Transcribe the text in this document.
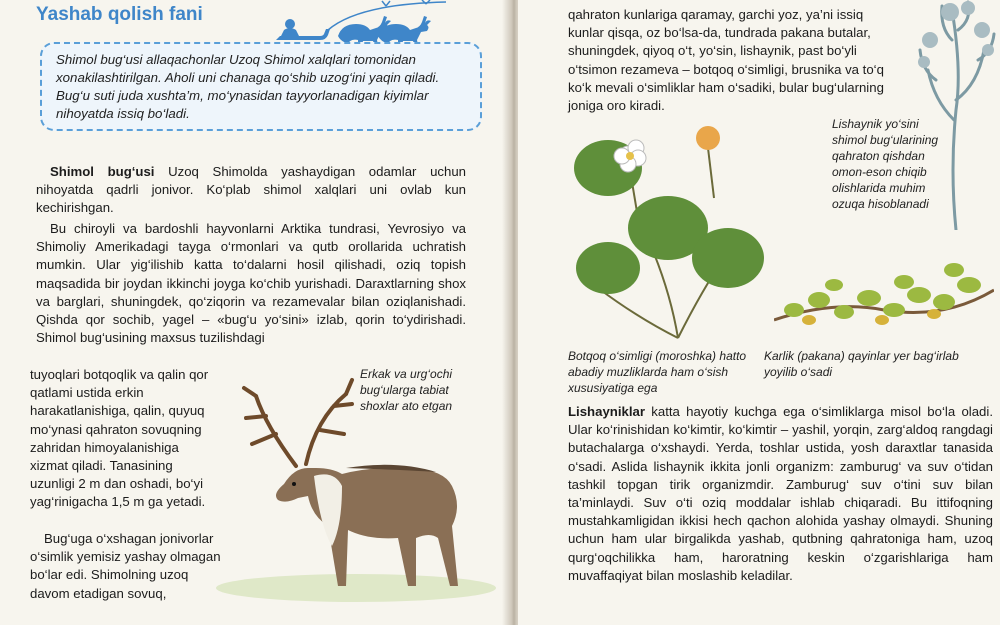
Yashab qolish fani
Shimol bug‘usi allaqachonlar Uzoq Shimol xalqlari tomonidan xonakilashtirilgan. Aholi uni chanaga qo‘shib uzog‘ini yaqin qiladi. Bug‘u suti juda xushta’m, mo‘ynasidan tayyorlanadigan kiyimlar nihoyatda issiq bo‘ladi.

Shimol bug‘usi Uzoq Shimolda yashaydigan odamlar uchun nihoyatda qadrli jonivor. Ko‘plab shimol xalqlari uni ovlab kun kechirishgan.

Bu chiroyli va bardoshli hayvonlarni Arktika tundrasi, Yevrosiyo va Shimoliy Amerikadagi tayga o‘rmonlari va qutb orollarida uchratish mumkin. Ular yig‘ilishib katta to‘dalarni hosil qilishadi, oziq topish maqsadida bir joydan ikkinchi joyga ko‘chib yurishadi. Daraxtlarning shox va barglari, shuningdek, qo‘ziqorin va rezamevalar bilan oziqlanishadi. Qishda qor sochib, yagel – «bug‘u yo‘sini» izlab, qorin to‘ydirishadi. Shimol bug‘usining maxsus tuzilishdagi

tuyoqlari botqoqlik va qalin qor qatlami ustida erkin harakatlanishiga, qalin, quyuq mo‘ynasi qahraton sovuqning zahridan himoyalanishiga xizmat qiladi. Tanasining uzunligi 2 m dan oshadi, bo‘yi yag‘rinigacha 1,5 m ga yetadi.

Bug‘uga o‘xshagan jonivorlar o‘simlik yemisiz yashay olmagan bo‘lar edi. Shimolning uzoq davom etadigan sovuq,

Erkak va urg‘ochi bug‘ularga tabiat shoxlar ato etgan

qahraton kunlariga qaramay, garchi yoz, ya’ni issiq kunlar qisqa, oz bo‘lsa-da, tundrada pakana butalar, shuningdek, qiyoq o‘t, yo‘sin, lishaynik, past bo‘yli o‘tsimon rezameva – botqoq o‘simligi, brusnika va to‘q ko‘k mevali o‘simliklar ham o‘sadiki, bular bug‘ularning joniga oro kiradi.

Lishaynik yo‘sini shimol bug‘ularining qahraton qishdan omon-eson chiqib olishlarida muhim ozuqa hisoblanadi
Botqoq o‘simligi (moroshka) hatto abadiy muzliklarda ham o‘sish xususiyatiga ega
Karlik (pakana) qayinlar yer bag‘irlab yoyilib o‘sadi

Lishayniklar katta hayotiy kuchga ega o‘simliklarga misol bo‘la oladi. Ular ko‘rinishidan ko‘kimtir, ko‘kimtir – yashil, yorqin, zarg‘aldoq rangdagi butachalarga o‘xshaydi. Yerda, toshlar ustida, yosh daraxtlar tanasida o‘sadi. Aslida lishaynik ikkita jonli organizm: zamburug‘ va suv o‘tidan tashkil topgan tirik organizmdir. Zamburug‘ suv o‘tini suv bilan ta’minlaydi. Suv o‘ti oziq moddalar ishlab chiqaradi. Bu ittifoqning mustahkamligidan ikkisi hech qachon alohida yashay olmaydi. Shuning uchun ham ular birgalikda yashab, qutbning qahratoniga ham, uzoq qurg‘oqchilikka ham, haroratning keskin o‘zgarishlariga ham muvaffaqiyat bilan moslashib keladilar.
